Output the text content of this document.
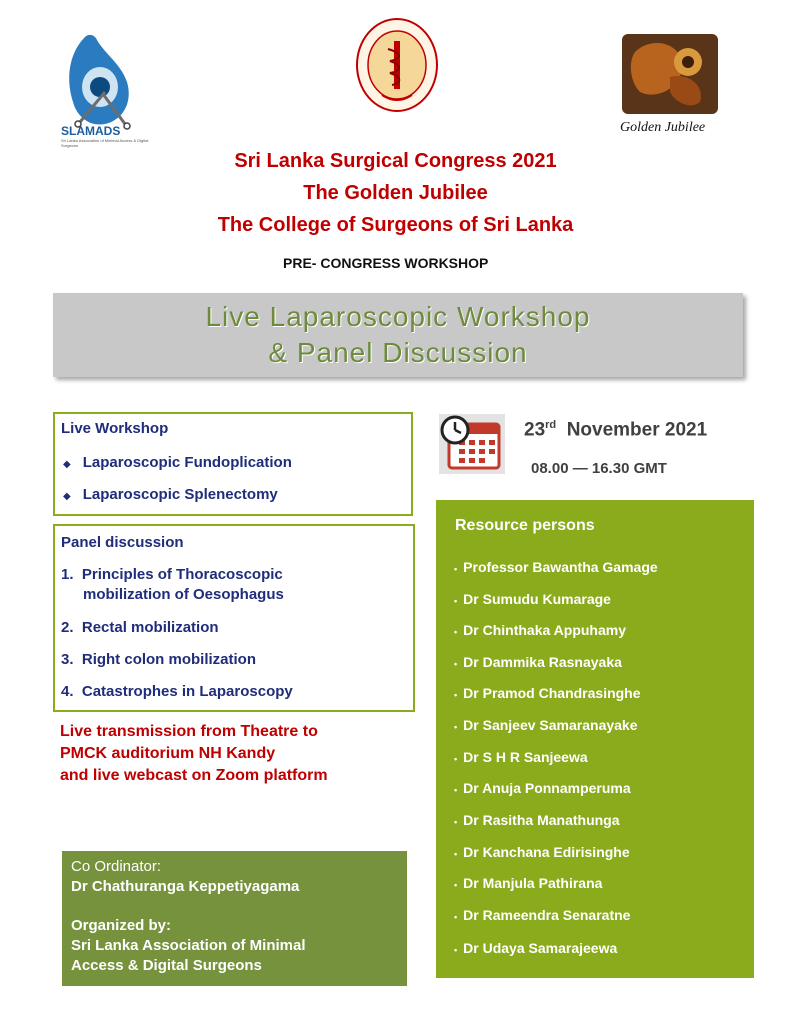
SLAMADS
Sri Lanka Association of Minimal Access & Digital Surgeons
Golden Jubilee
Sri Lanka Surgical Congress 2021
The Golden Jubilee
The College of Surgeons of Sri Lanka
PRE- CONGRESS WORKSHOP
Live Laparoscopic Workshop
& Panel Discussion
Live Workshop
◆ Laparoscopic Fundoplication
◆ Laparoscopic Splenectomy
Panel discussion
1. Principles of Thoracoscopic
mobilization of Oesophagus
2. Rectal mobilization
3. Right colon mobilization
4. Catastrophes in Laparoscopy
Live transmission from Theatre to
PMCK auditorium NH Kandy
and live webcast on Zoom platform
Co Ordinator:
Dr Chathuranga Keppetiyagama
Organized by:
Sri Lanka Association of Minimal
Access & Digital Surgeons
23rd November 2021
08.00 — 16.30 GMT
Resource persons
• Professor Bawantha Gamage
• Dr Sumudu Kumarage
• Dr Chinthaka Appuhamy
• Dr Dammika Rasnayaka
• Dr Pramod Chandrasinghe
• Dr Sanjeev Samaranayake
• Dr S H R Sanjeewa
• Dr Anuja Ponnamperuma
• Dr Rasitha Manathunga
• Dr Kanchana Edirisinghe
• Dr Manjula Pathirana
• Dr Rameendra Senaratne
• Dr Udaya Samarajeewa
